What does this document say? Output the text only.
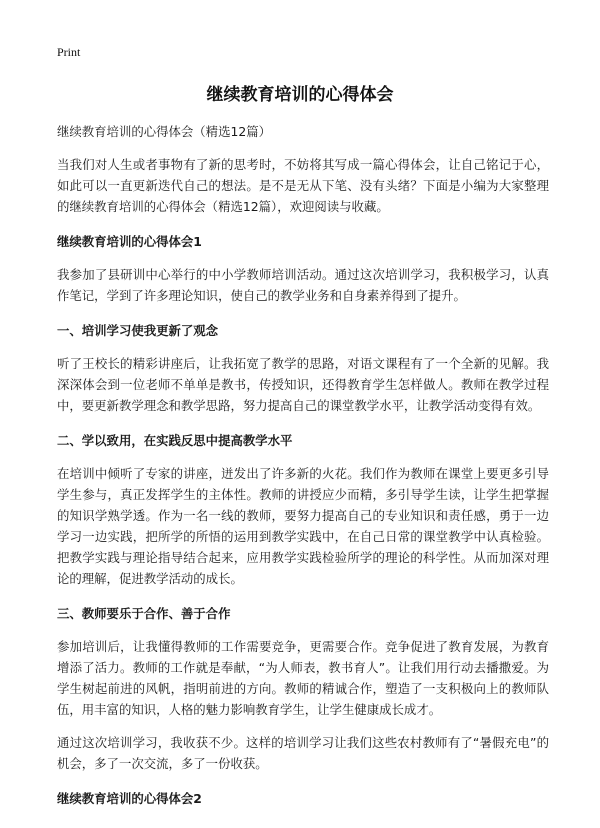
Print
继续教育培训的心得体会

继续教育培训的心得体会（精选12篇）

当我们对人生或者事物有了新的思考时，不妨将其写成一篇心得体会，让自己铭记于心，如此可以一直更新迭代自己的想法。是不是无从下笔、没有头绪？下面是小编为大家整理的继续教育培训的心得体会（精选12篇），欢迎阅读与收藏。

继续教育培训的心得体会1

我参加了县研训中心举行的中小学教师培训活动。通过这次培训学习，我积极学习，认真作笔记，学到了许多理论知识，使自己的教学业务和自身素养得到了提升。

一、培训学习使我更新了观念

听了王校长的精彩讲座后，让我拓宽了教学的思路，对语文课程有了一个全新的见解。我深深体会到一位老师不单单是教书，传授知识，还得教育学生怎样做人。教师在教学过程中，要更新教学理念和教学思路，努力提高自己的课堂教学水平，让教学活动变得有效。

二、学以致用，在实践反思中提高教学水平

在培训中倾听了专家的讲座，迸发出了许多新的火花。我们作为教师在课堂上要更多引导学生参与，真正发挥学生的主体性。教师的讲授应少而精，多引导学生读，让学生把掌握的知识学熟学透。作为一名一线的教师，要努力提高自己的专业知识和责任感，勇于一边学习一边实践，把所学的所悟的运用到教学实践中，在自己日常的课堂教学中认真检验。把教学实践与理论指导结合起来，应用教学实践检验所学的理论的科学性。从而加深对理论的理解，促进教学活动的成长。

三、教师要乐于合作、善于合作

参加培训后，让我懂得教师的工作需要竞争，更需要合作。竞争促进了教育发展，为教育增添了活力。教师的工作就是奉献，“为人师表，教书育人”。让我们用行动去播撒爱。为学生树起前进的风帆，指明前进的方向。教师的精诚合作，塑造了一支积极向上的教师队伍，用丰富的知识，人格的魅力影响教育学生，让学生健康成长成才。

通过这次培训学习，我收获不少。这样的培训学习让我们这些农村教师有了“暑假充电”的机会，多了一次交流，多了一份收获。

继续教育培训的心得体会2
